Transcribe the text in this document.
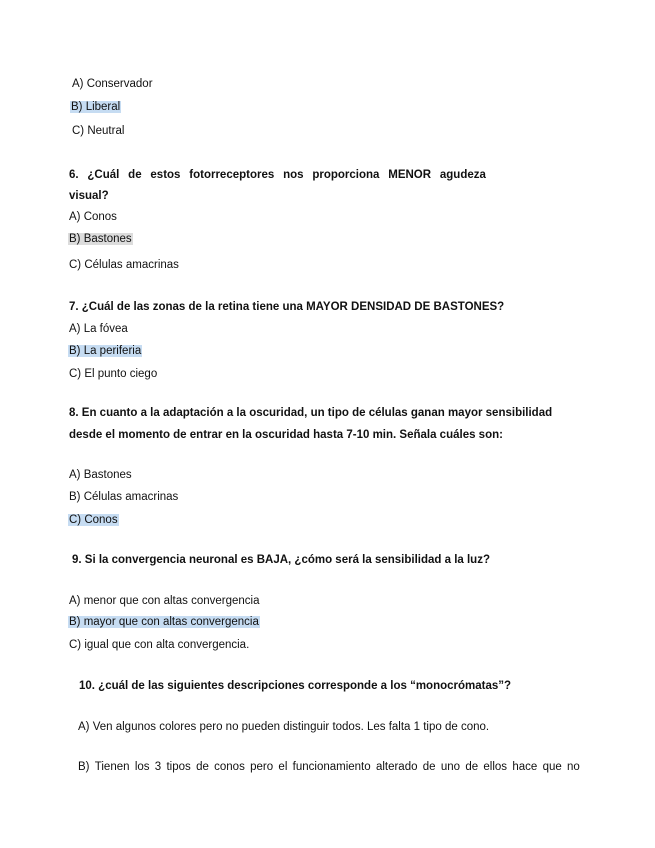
A) Conservador
B) Liberal
C) Neutral
6. ¿Cuál de estos fotorreceptores nos proporciona MENOR agudeza
visual?
A) Conos
B) Bastones
C) Células amacrinas
7. ¿Cuál de las zonas de la retina tiene una MAYOR DENSIDAD DE BASTONES?
A) La fóvea
B) La periferia
C) El punto ciego
8. En cuanto a la adaptación a la oscuridad, un tipo de células ganan mayor sensibilidad
desde el momento de entrar en la oscuridad hasta 7-10 min. Señala cuáles son:
A) Bastones
B) Células amacrinas
C) Conos
9. Si la convergencia neuronal es BAJA, ¿cómo será la sensibilidad a la luz?
A) menor que con altas convergencia
B) mayor que con altas convergencia
C) igual que con alta convergencia.
10. ¿cuál de las siguientes descripciones corresponde a los “monocrómatas”?
A) Ven algunos colores pero no pueden distinguir todos. Les falta 1 tipo de cono.
B) Tienen los 3 tipos de conos pero el funcionamiento alterado de uno de ellos hace que no
